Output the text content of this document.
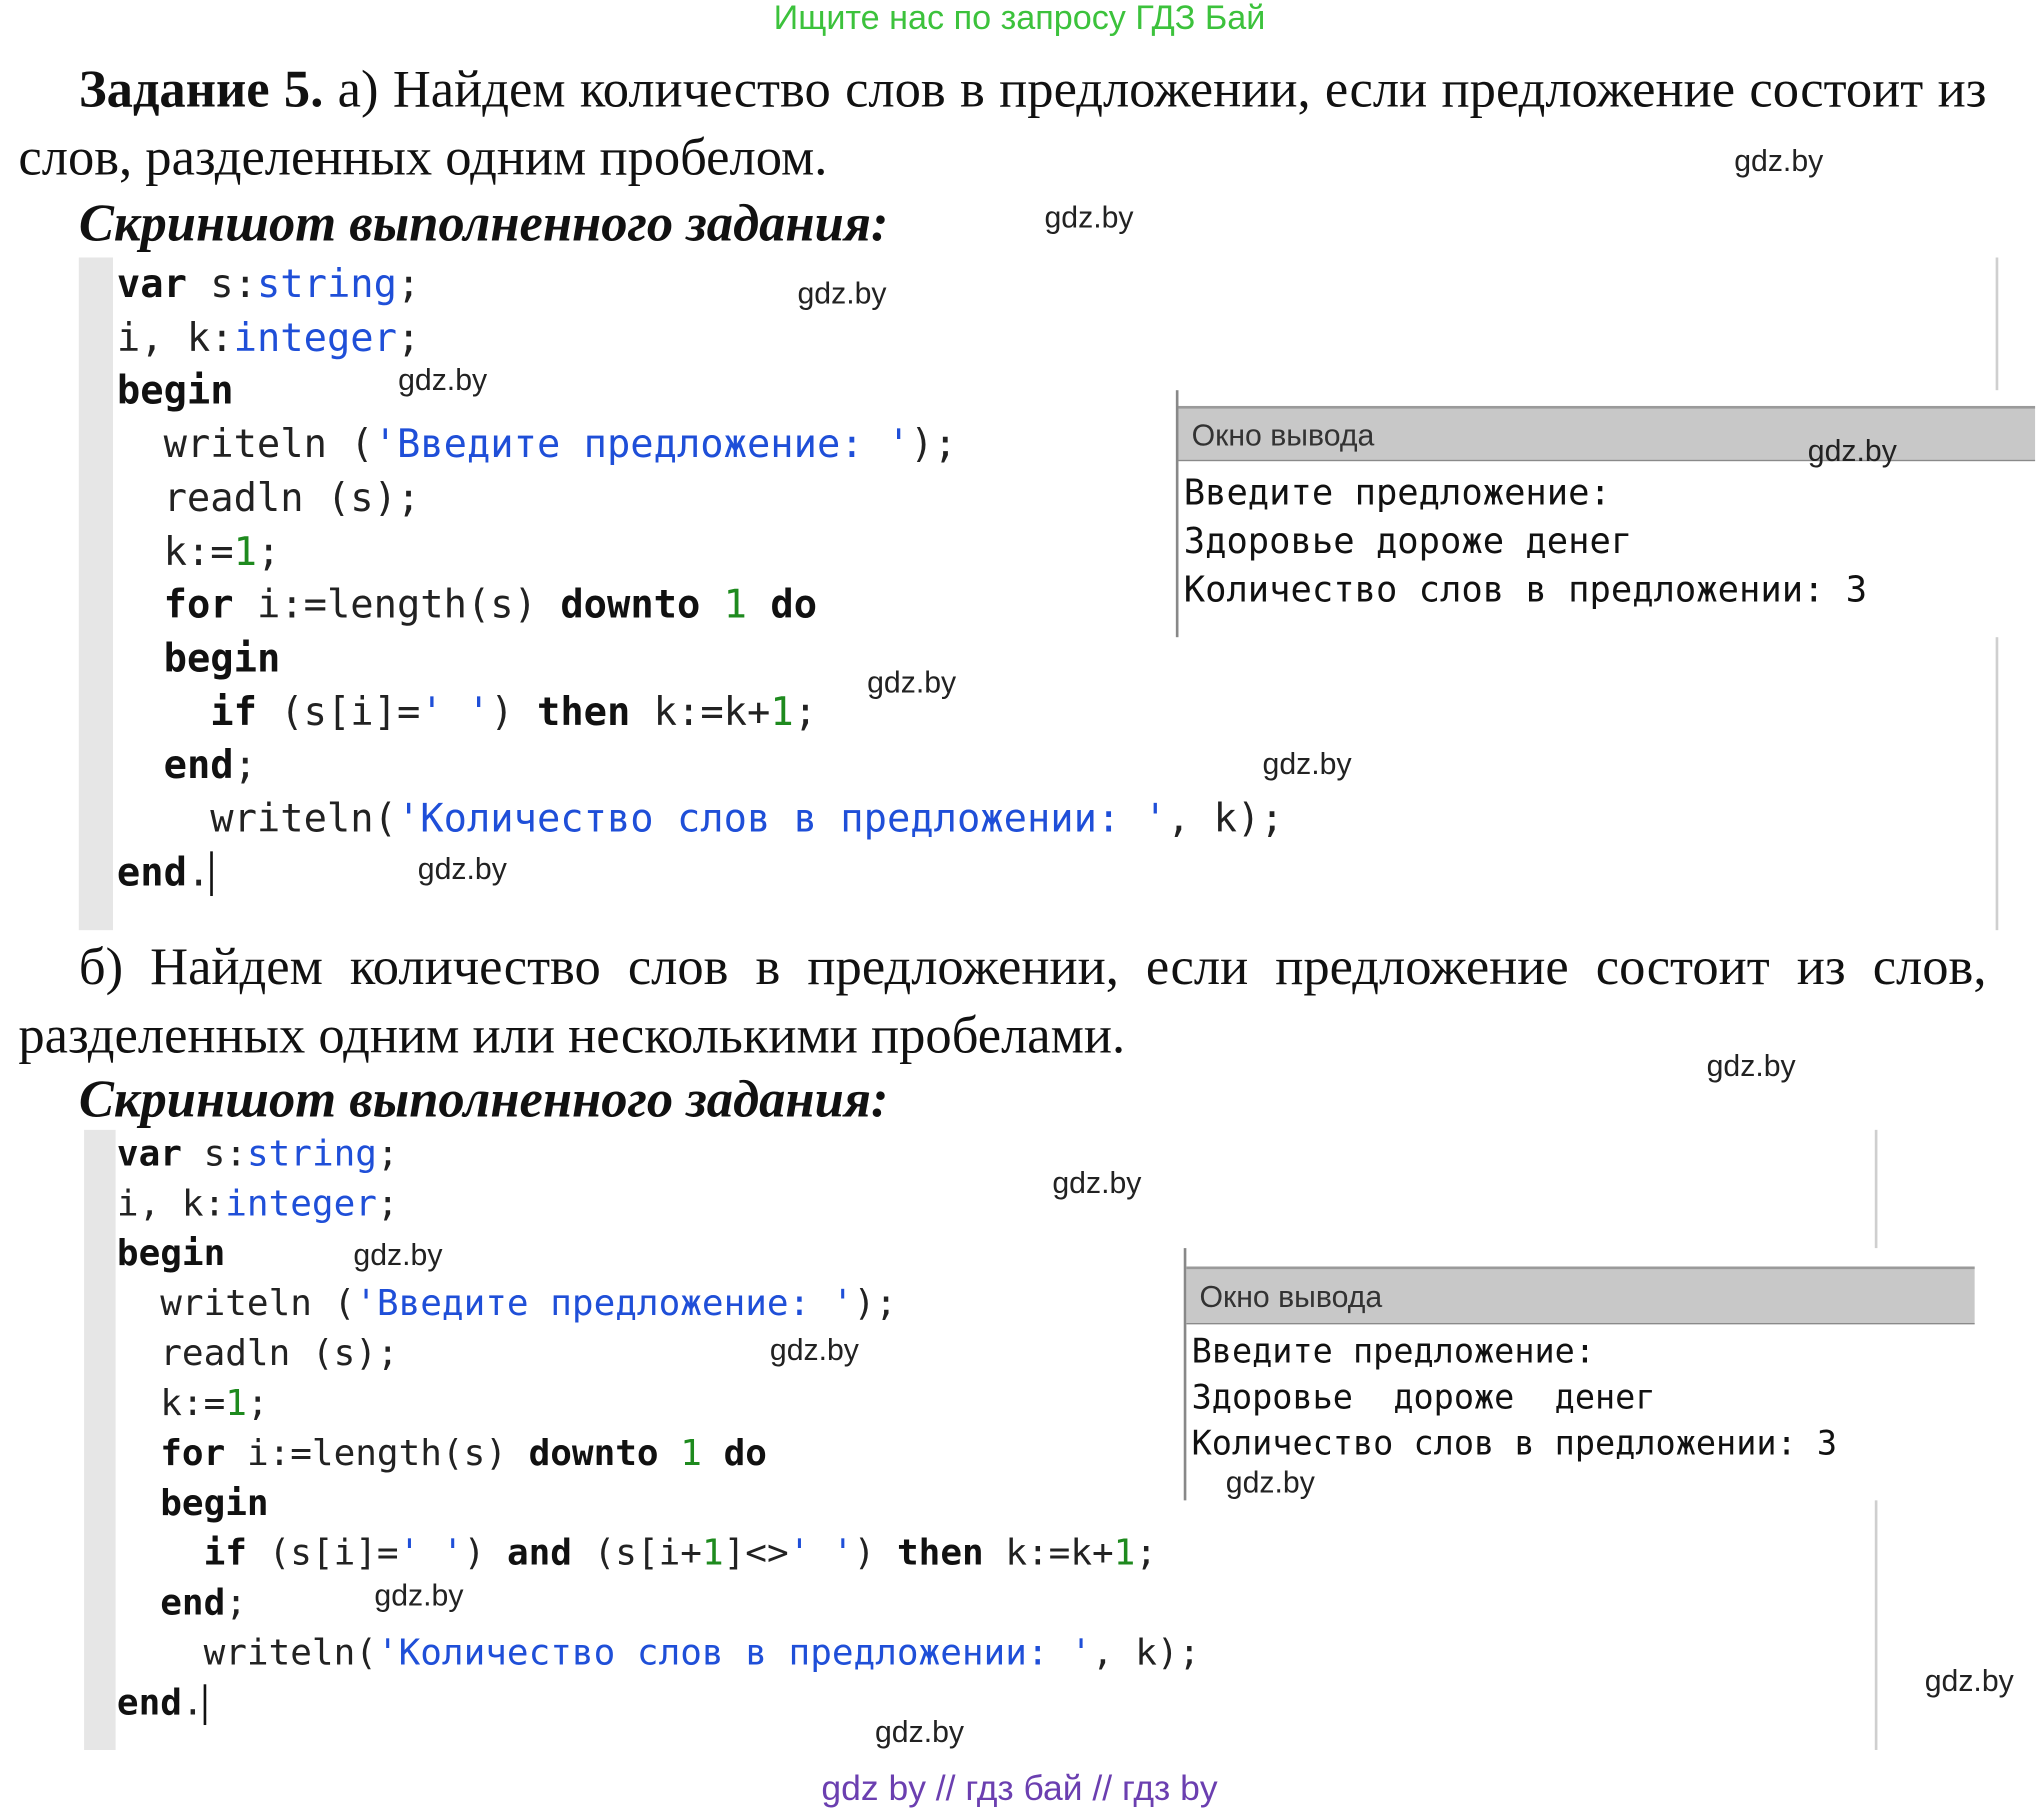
Ищите нас по запросу ГДЗ Бай
Задание 5. а) Найдем количество слов в предложении, если предложение состоит из слов, разделенных одним пробелом.
Скриншот выполненного задания:
var s:string;
i, k:integer;
begin
writeln ('Введите предложение: ');
readln (s);
k:=1;
for i:=length(s) downto 1 do
begin
if (s[i]=' ') then k:=k+1;
end;
writeln('Количество слов в предложении: ', k);
end.
Окно вывода
Введите предложение:
Здоровье дороже денег
Количество слов в предложении: 3
б) Найдем количество слов в предложении, если предложение состоит из слов, разделенных одним или несколькими пробелами.
Скриншот выполненного задания:
var s:string;
i, k:integer;
begin
writeln ('Введите предложение: ');
readln (s);
k:=1;
for i:=length(s) downto 1 do
begin
if (s[i]=' ') and (s[i+1]<>' ') then k:=k+1;
end;
writeln('Количество слов в предложении: ', k);
end.
Окно вывода
Введите предложение:
Здоровье  дороже  денег
Количество слов в предложении: 3
gdz.by
gdz.by
gdz.by
gdz.by
gdz.by
gdz.by
gdz.by
gdz.by
gdz.by
gdz.by
gdz.by
gdz.by
gdz.by
gdz.by
gdz.by
gdz.by
gdz by // гдз бай // гдз by
